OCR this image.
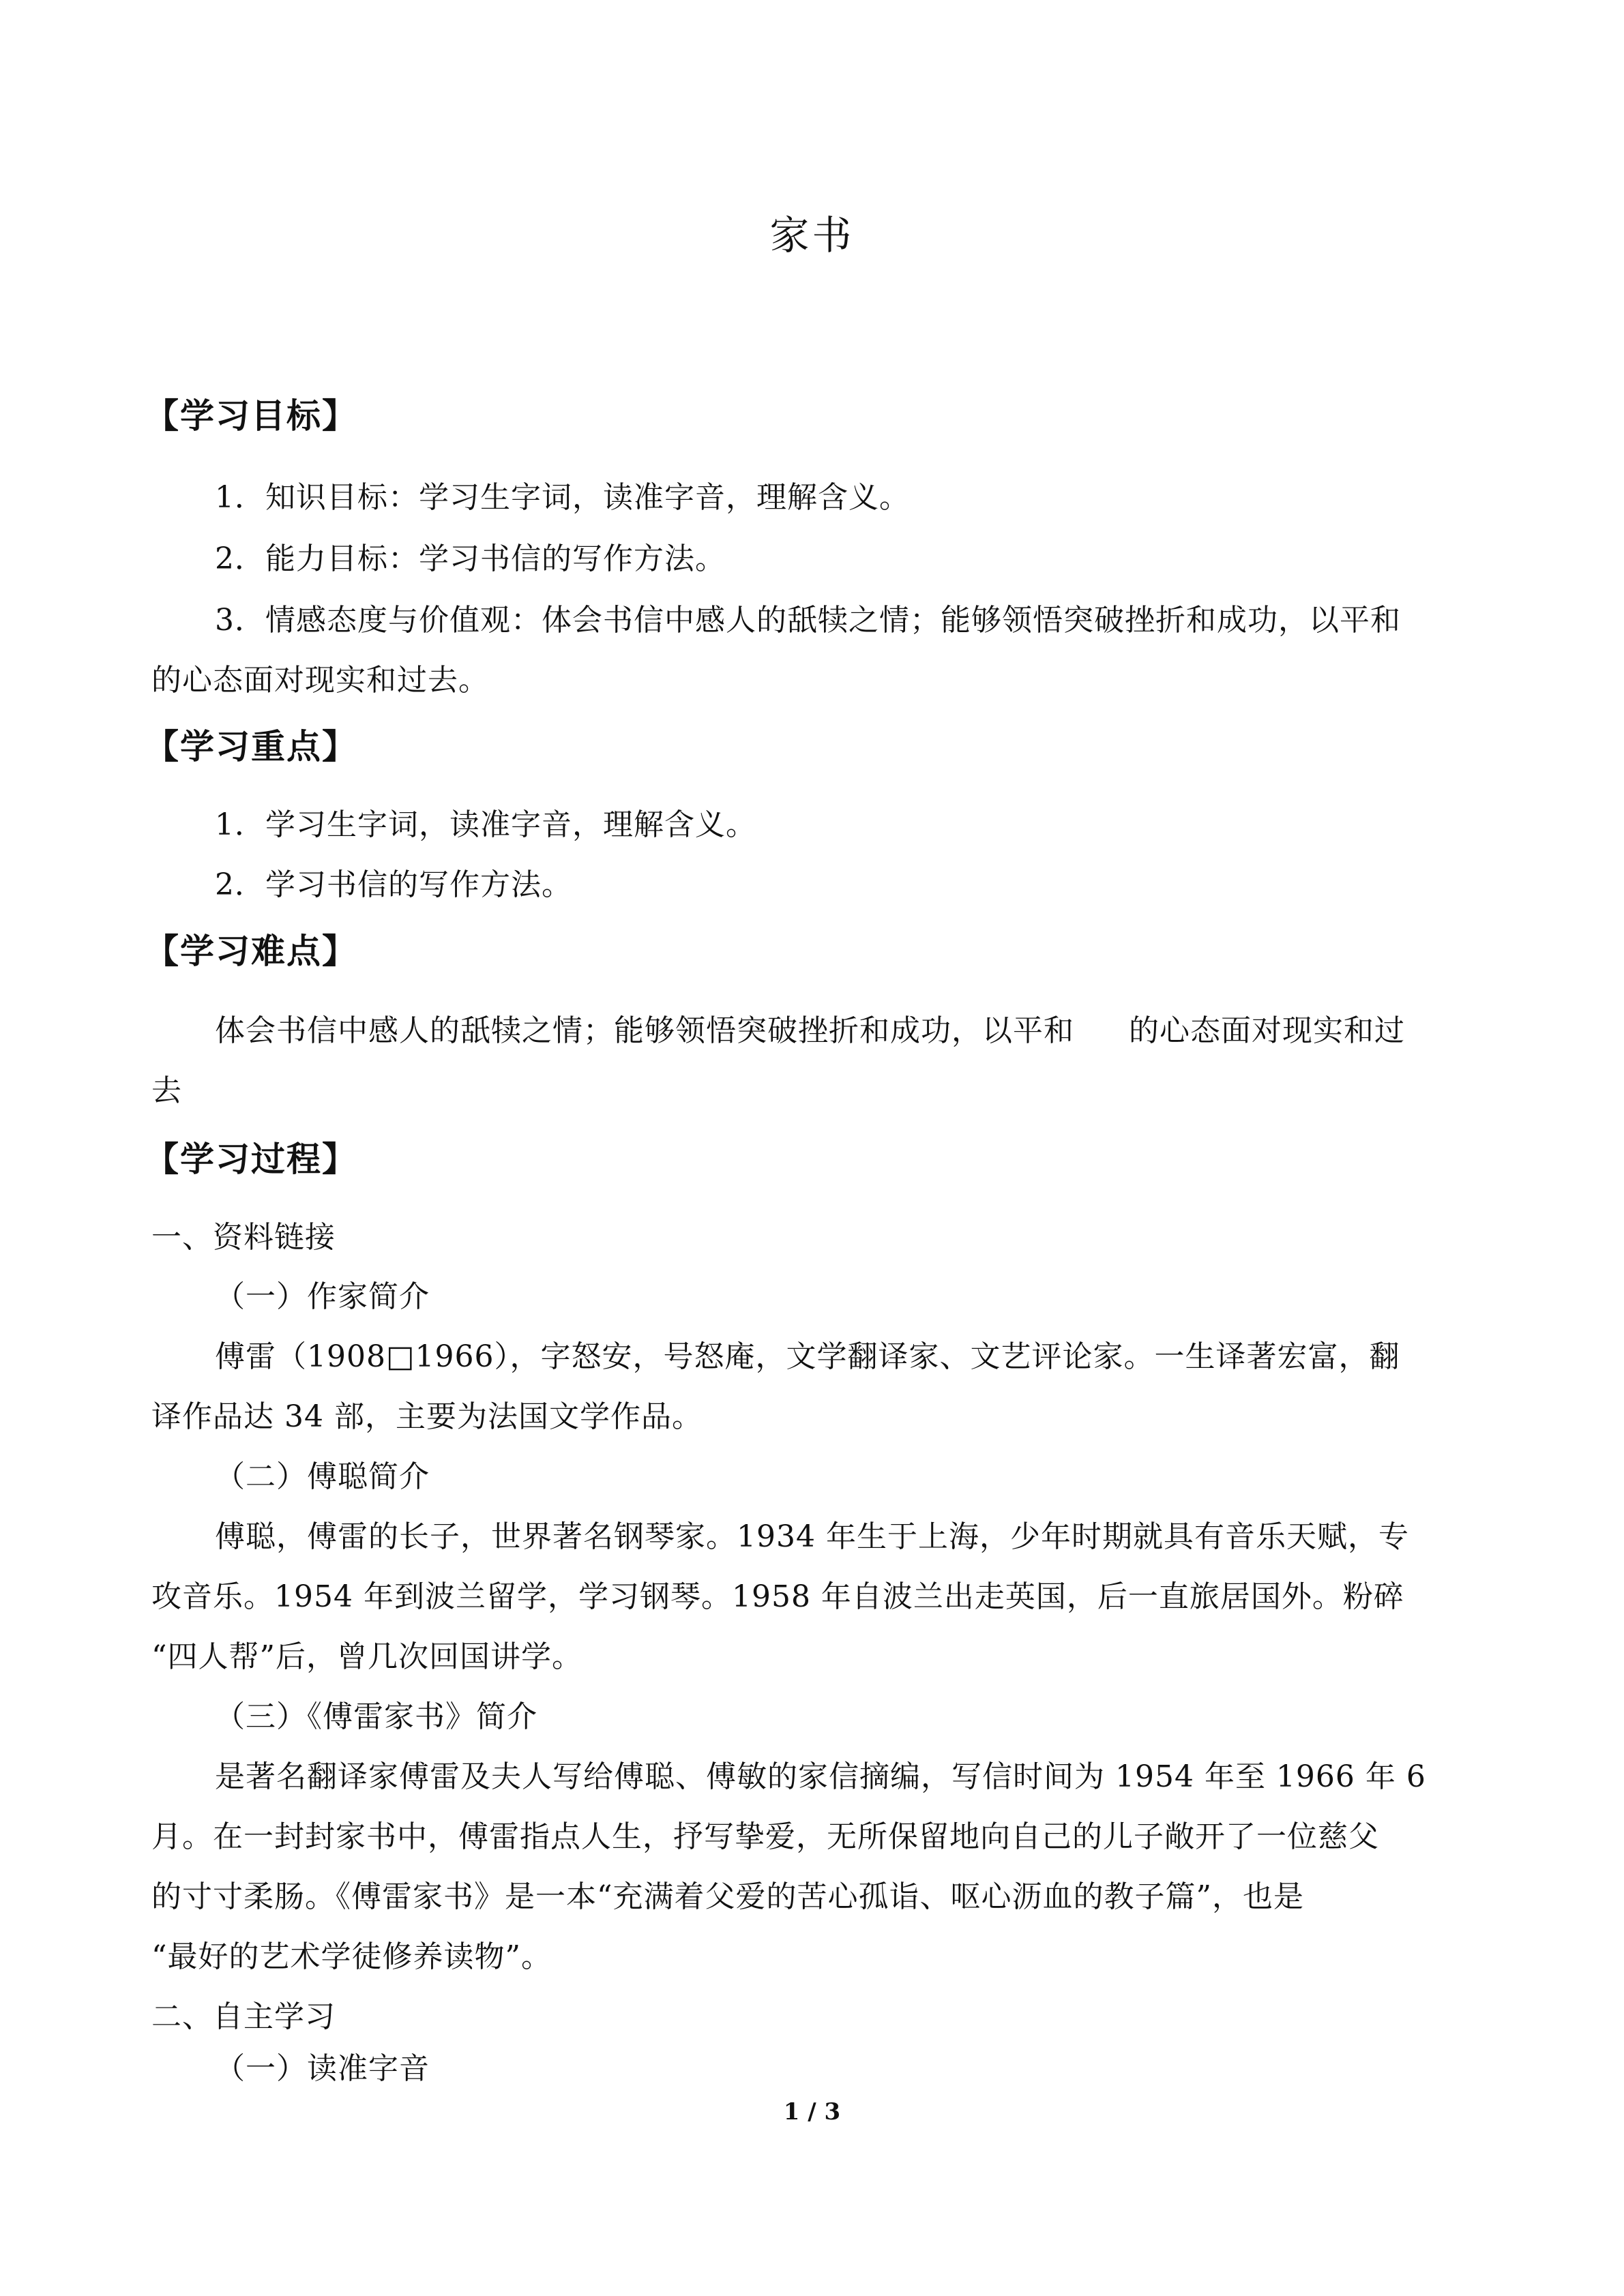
家书
【学习目标】
1．知识目标：学习生字词，读准字音，理解含义。
2．能力目标：学习书信的写作方法。
3．情感态度与价值观：体会书信中感人的舐犊之情；能够领悟突破挫折和成功，以平和
的心态面对现实和过去。
【学习重点】
1．学习生字词，读准字音，理解含义。
2．学习书信的写作方法。
【学习难点】
体会书信中感人的舐犊之情；能够领悟突破挫折和成功，以平和 的心态面对现实和过
去
【学习过程】
一、资料链接
（一）作家简介
傅雷（1908□1966），字怒安，号怒庵，文学翻译家、文艺评论家。一生译著宏富，翻
译作品达 34 部，主要为法国文学作品。
（二）傅聪简介
傅聪，傅雷的长子，世界著名钢琴家。1934 年生于上海，少年时期就具有音乐天赋，专
攻音乐。1954 年到波兰留学，学习钢琴。1958 年自波兰出走英国，后一直旅居国外。粉碎
“四人帮”后，曾几次回国讲学。
（三）《傅雷家书》简介
是著名翻译家傅雷及夫人写给傅聪、傅敏的家信摘编，写信时间为 1954 年至 1966 年 6
月。在一封封家书中，傅雷指点人生，抒写挚爱，无所保留地向自己的儿子敞开了一位慈父
的寸寸柔肠。《傅雷家书》是一本“充满着父爱的苦心孤诣、呕心沥血的教子篇”，也是
“最好的艺术学徒修养读物”。
二、自主学习
（一）读准字音
1 / 3
